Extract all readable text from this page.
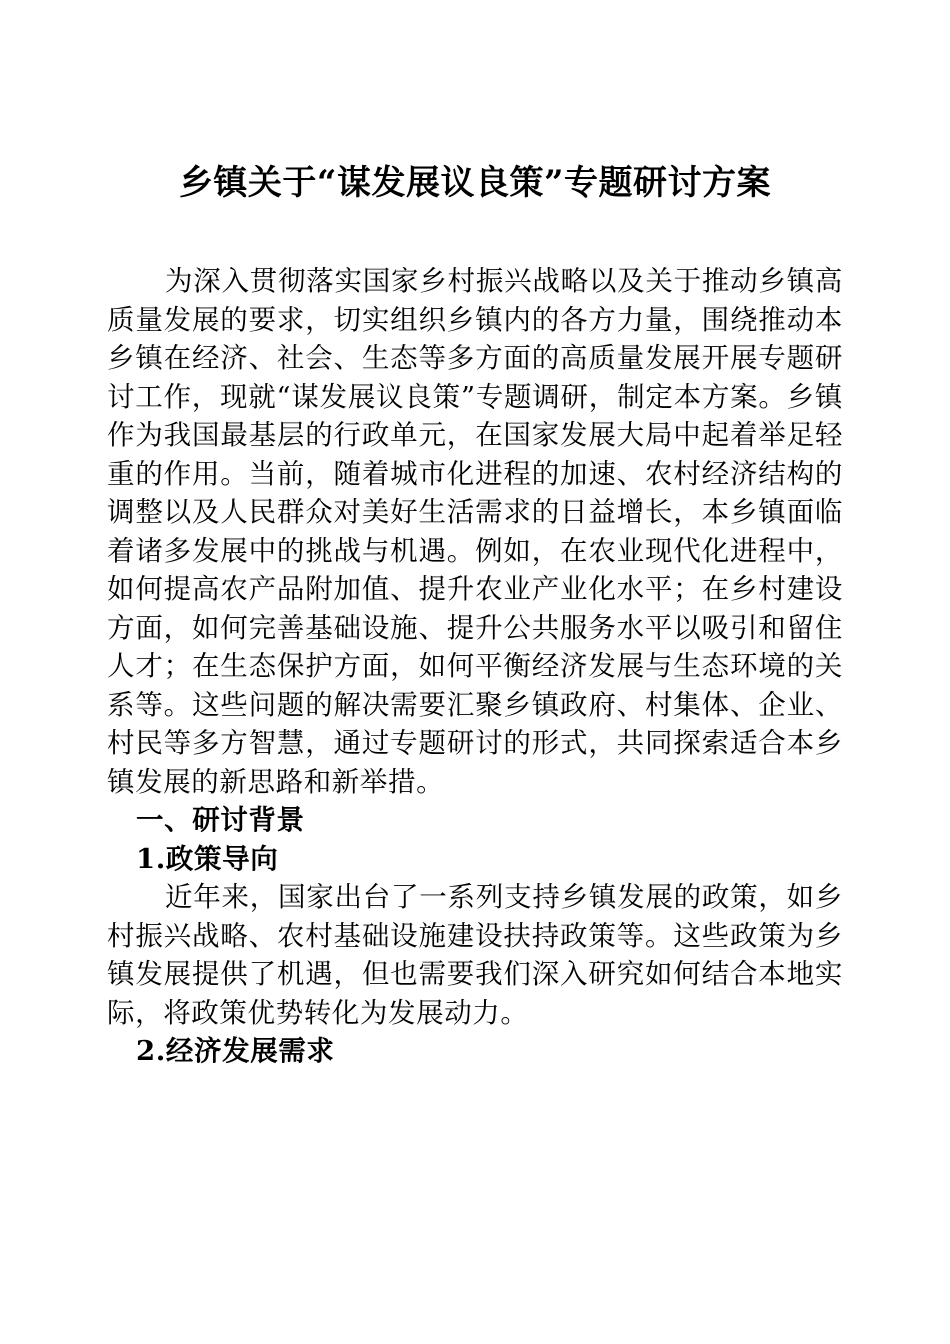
乡镇关于“谋发展议良策”专题研讨方案

为深入贯彻落实国家乡村振兴战略以及关于推动乡镇高质量发展的要求，切实组织乡镇内的各方力量，围绕推动本乡镇在经济、社会、生态等多方面的高质量发展开展专题研讨工作，现就“谋发展议良策”专题调研，制定本方案。乡镇作为我国最基层的行政单元，在国家发展大局中起着举足轻重的作用。当前，随着城市化进程的加速、农村经济结构的调整以及人民群众对美好生活需求的日益增长，本乡镇面临着诸多发展中的挑战与机遇。例如，在农业现代化进程中，如何提高农产品附加值、提升农业产业化水平；在乡村建设方面，如何完善基础设施、提升公共服务水平以吸引和留住人才；在生态保护方面，如何平衡经济发展与生态环境的关系等。这些问题的解决需要汇聚乡镇政府、村集体、企业、村民等多方智慧，通过专题研讨的形式，共同探索适合本乡镇发展的新思路和新举措。

一、研讨背景
1.政策导向

近年来，国家出台了一系列支持乡镇发展的政策，如乡村振兴战略、农村基础设施建设扶持政策等。这些政策为乡镇发展提供了机遇，但也需要我们深入研究如何结合本地实际，将政策优势转化为发展动力。

2.经济发展需求
